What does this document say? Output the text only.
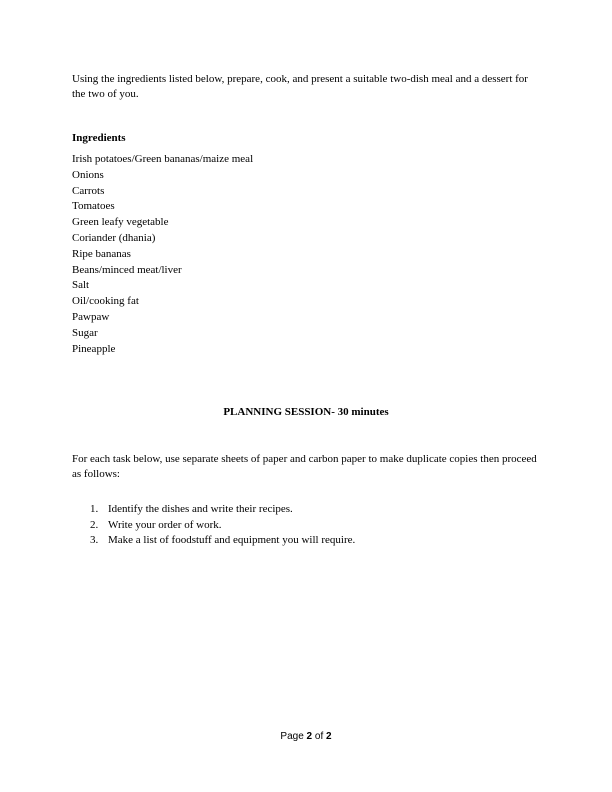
Using the ingredients listed below, prepare, cook, and present a suitable two-dish meal and a dessert for the two of you.

Ingredients

Irish potatoes/Green bananas/maize meal
Onions
Carrots
Tomatoes
Green leafy vegetable
Coriander (dhania)
Ripe bananas
Beans/minced meat/liver
Salt
Oil/cooking fat
Pawpaw
Sugar
Pineapple

PLANNING SESSION- 30 minutes

For each task below, use separate sheets of paper and carbon paper to make duplicate copies then proceed as follows:

1. Identify the dishes and write their recipes.
2. Write your order of work.
3. Make a list of foodstuff and equipment you will require.

Page 2 of 2
